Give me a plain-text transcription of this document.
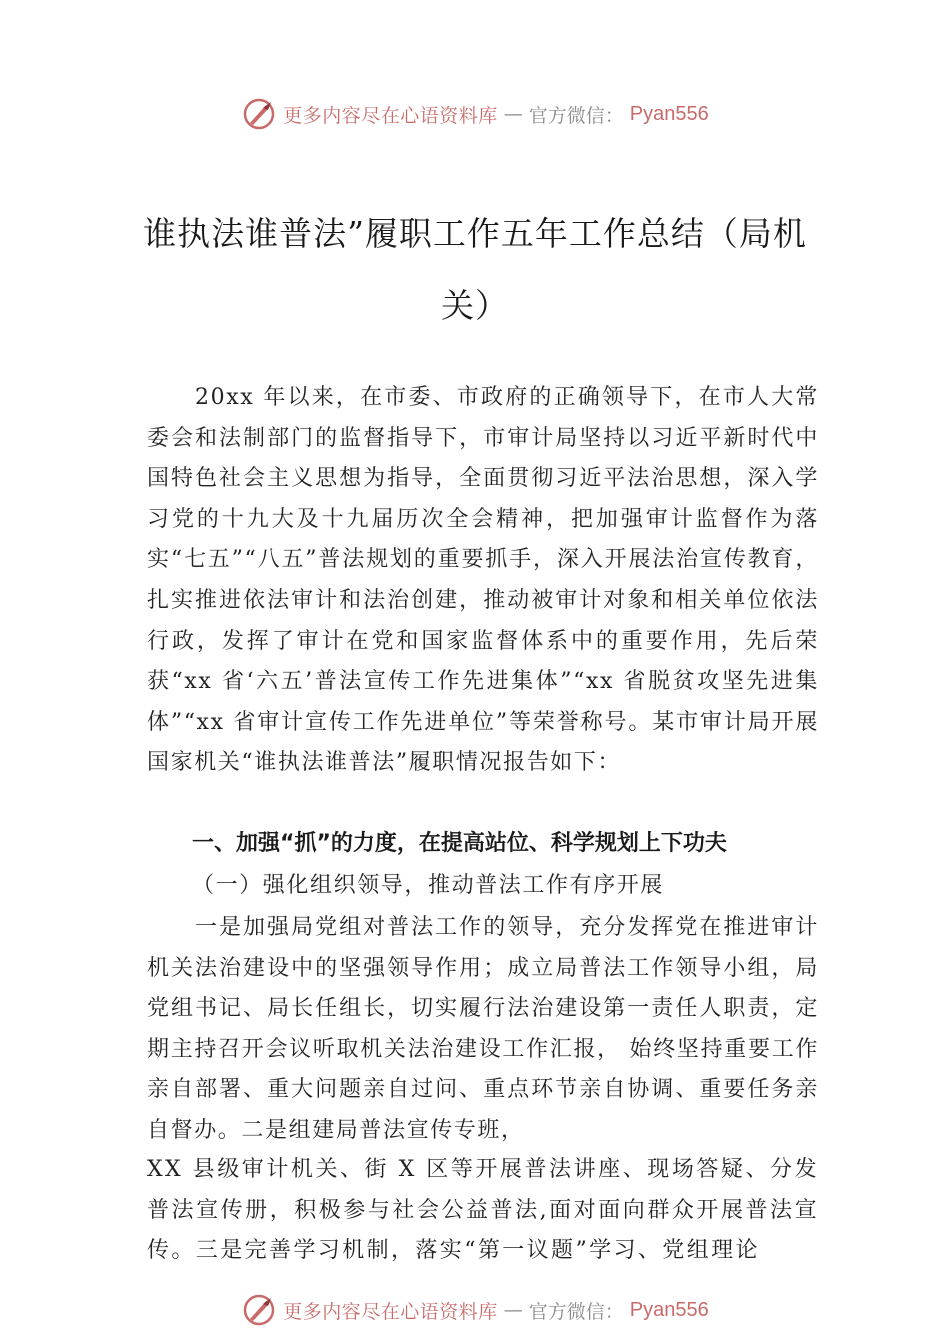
更多内容尽在心语资料库 — 官方微信： Pyan556
谁执法谁普法”履职工作五年工作总结（局机关）
20xx 年以来，在市委、市政府的正确领导下，在市人大常委会和法制部门的监督指导下，市审计局坚持以习近平新时代中国特色社会主义思想为指导，全面贯彻习近平法治思想，深入学习党的十九大及十九届历次全会精神，把加强审计监督作为落实“七五”“八五”普法规划的重要抓手，深入开展法治宣传教育，扎实推进依法审计和法治创建，推动被审计对象和相关单位依法行政，发挥了审计在党和国家监督体系中的重要作用，先后荣获“xx 省‘六五’普法宣传工作先进集体”“xx 省脱贫攻坚先进集体”“xx 省审计宣传工作先进单位”等荣誉称号。某市审计局开展国家机关“谁执法谁普法”履职情况报告如下：
一、加强“抓”的力度，在提高站位、科学规划上下功夫
（一）强化组织领导，推动普法工作有序开展
一是加强局党组对普法工作的领导，充分发挥党在推进审计机关法治建设中的坚强领导作用；成立局普法工作领导小组，局党组书记、局长任组长，切实履行法治建设第一责任人职责，定期主持召开会议听取机关法治建设工作汇报， 始终坚持重要工作亲自部署、重大问题亲自过问、重点环节亲自协调、重要任务亲自督办。二是组建局普法宣传专班，
XX 县级审计机关、街 X 区等开展普法讲座、现场答疑、分发普法宣传册，积极参与社会公益普法,面对面向群众开展普法宣传。三是完善学习机制，落实“第一议题”学习、党组理论
更多内容尽在心语资料库 — 官方微信： Pyan556
